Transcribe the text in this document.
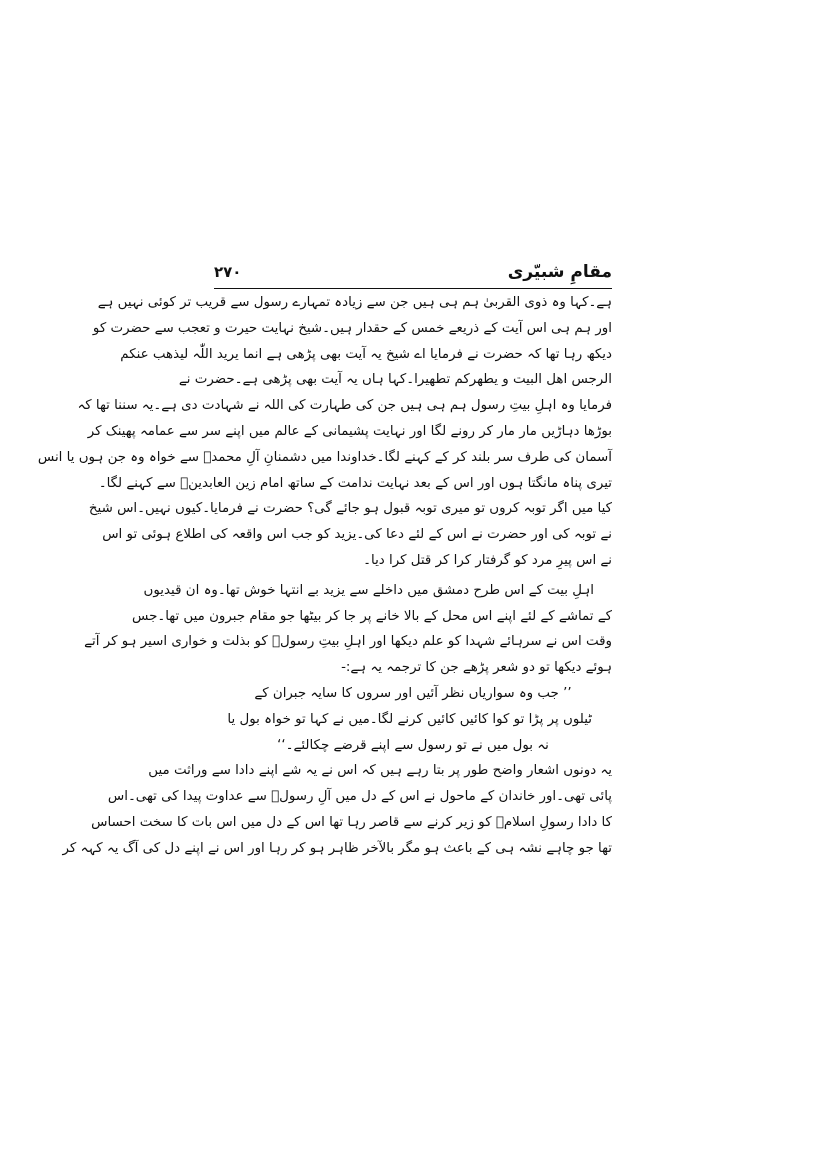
مقامِ شبیّری
۲۷۰
ہے۔کہا وہ ذوی القربیٰ ہم ہی ہیں جن سے زیادہ تمہارے رسول سے قریب تر کوئی نہیں ہے
اور ہم ہی اس آیت کے ذریعے خمس کے حقدار ہیں۔شیخ نہایت حیرت و تعجب سے حضرت کو
دیکھ رہا تھا کہ حضرت نے فرمایا اے شیخ یہ آیت بھی پڑھی ہے انما یرید اللّٰہ لیذھب عنکم
الرجس اھل البیت و یطھرکم تطھیرا۔کہا ہاں یہ آیت بھی پڑھی ہے۔حضرت نے
فرمایا وہ اہلِ بیتِ رسول ہم ہی ہیں جن کی طہارت کی اللہ نے شہادت دی ہے۔یہ سننا تھا کہ
بوڑھا دہاڑیں مار مار کر رونے لگا اور نہایت پشیمانی کے عالم میں اپنے سر سے عمامہ پھینک کر
آسمان کی طرف سر بلند کر کے کہنے لگا۔خداوندا میں دشمنانِ آلِ محمدؐ سے خواہ وہ جن ہوں یا انس
تیری پناہ مانگتا ہوں اور اس کے بعد نہایت ندامت کے ساتھ امام زین العابدینؑ سے کہنے لگا۔
کیا میں اگر توبہ کروں تو میری توبہ قبول ہو جائے گی؟ حضرت نے فرمایا۔کیوں نہیں۔اس شیخ
نے توبہ کی اور حضرت نے اس کے لئے دعا کی۔یزید کو جب اس واقعہ کی اطلاع ہوئی تو اس
نے اس پیرِ مرد کو گرفتار کرا کر قتل کرا دیا۔
اہلِ بیت کے اس طرح دمشق میں داخلے سے یزید بے انتہا خوش تھا۔وہ ان قیدیوں
کے تماشے کے لئے اپنے اس محل کے بالا خانے پر جا کر بیٹھا جو مقام جبرون میں تھا۔جس
وقت اس نے سرہائے شہدا کو علم دیکھا اور اہلِ بیتِ رسولؐ کو بذلت و خواری اسیر ہو کر آتے
ہوئے دیکھا تو دو شعر پڑھے جن کا ترجمہ یہ ہے:-
’’ جب وہ سواریاں نظر آئیں اور سروں کا سایہ جبران کے
ٹیلوں پر پڑا تو کوا کائیں کائیں کرنے لگا۔میں نے کہا تو خواہ بول یا
نہ بول میں نے تو رسول سے اپنے قرضے چکالئے۔‘‘
یہ دونوں اشعار واضح طور پر بتا رہے ہیں کہ اس نے یہ شے اپنے دادا سے وراثت میں
پائی تھی۔اور خاندان کے ماحول نے اس کے دل میں آلِ رسولؐ سے عداوت پیدا کی تھی۔اس
کا دادا رسولِ اسلامؐ کو زیر کرنے سے قاصر رہا تھا اس کے دل میں اس بات کا سخت احساس
تھا جو چاہے نشہ ہی کے باعث ہو مگر بالآخر ظاہر ہو کر رہا اور اس نے اپنے دل کی آگ یہ کہہ کر
